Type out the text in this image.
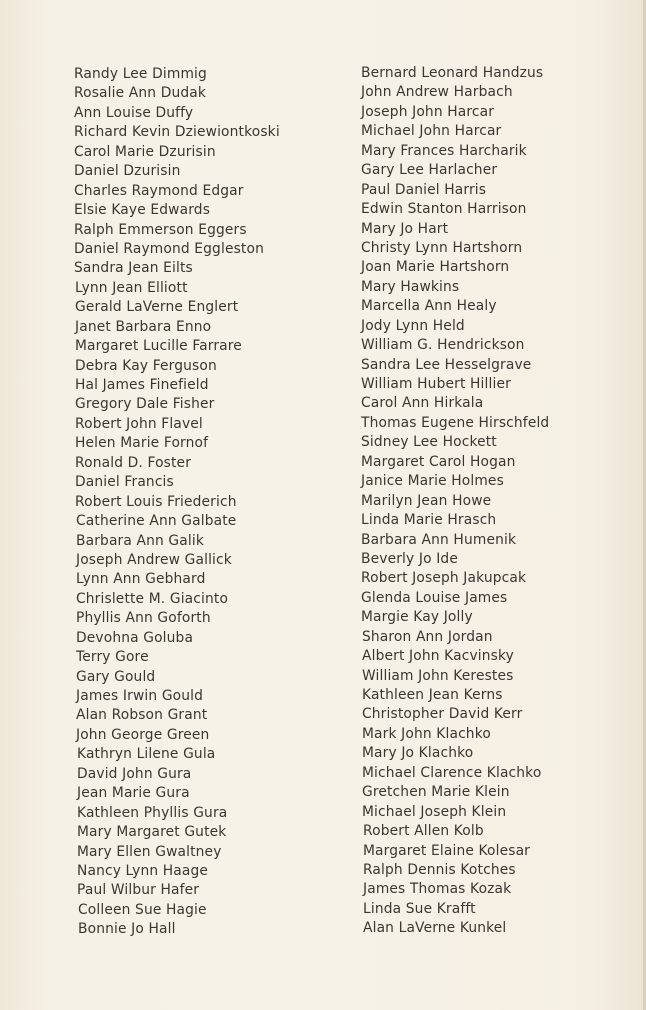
Randy Lee Dimmig
Rosalie Ann Dudak
Ann Louise Duffy
Richard Kevin Dziewiontkoski
Carol Marie Dzurisin
Daniel Dzurisin
Charles Raymond Edgar
Elsie Kaye Edwards
Ralph Emmerson Eggers
Daniel Raymond Eggleston
Sandra Jean Eilts
Lynn Jean Elliott
Gerald LaVerne Englert
Janet Barbara Enno
Margaret Lucille Farrare
Debra Kay Ferguson
Hal James Finefield
Gregory Dale Fisher
Robert John Flavel
Helen Marie Fornof
Ronald D. Foster
Daniel Francis
Robert Louis Friederich
Catherine Ann Galbate
Barbara Ann Galik
Joseph Andrew Gallick
Lynn Ann Gebhard
Chrislette M. Giacinto
Phyllis Ann Goforth
Devohna Goluba
Terry Gore
Gary Gould
James Irwin Gould
Alan Robson Grant
John George Green
Kathryn Lilene Gula
David John Gura
Jean Marie Gura
Kathleen Phyllis Gura
Mary Margaret Gutek
Mary Ellen Gwaltney
Nancy Lynn Haage
Paul Wilbur Hafer
Colleen Sue Hagie
Bonnie Jo Hall
Bernard Leonard Handzus
John Andrew Harbach
Joseph John Harcar
Michael John Harcar
Mary Frances Harcharik
Gary Lee Harlacher
Paul Daniel Harris
Edwin Stanton Harrison
Mary Jo Hart
Christy Lynn Hartshorn
Joan Marie Hartshorn
Mary Hawkins
Marcella Ann Healy
Jody Lynn Held
William G. Hendrickson
Sandra Lee Hesselgrave
William Hubert Hillier
Carol Ann Hirkala
Thomas Eugene Hirschfeld
Sidney Lee Hockett
Margaret Carol Hogan
Janice Marie Holmes
Marilyn Jean Howe
Linda Marie Hrasch
Barbara Ann Humenik
Beverly Jo Ide
Robert Joseph Jakupcak
Glenda Louise James
Margie Kay Jolly
Sharon Ann Jordan
Albert John Kacvinsky
William John Kerestes
Kathleen Jean Kerns
Christopher David Kerr
Mark John Klachko
Mary Jo Klachko
Michael Clarence Klachko
Gretchen Marie Klein
Michael Joseph Klein
Robert Allen Kolb
Margaret Elaine Kolesar
Ralph Dennis Kotches
James Thomas Kozak
Linda Sue Krafft
Alan LaVerne Kunkel
